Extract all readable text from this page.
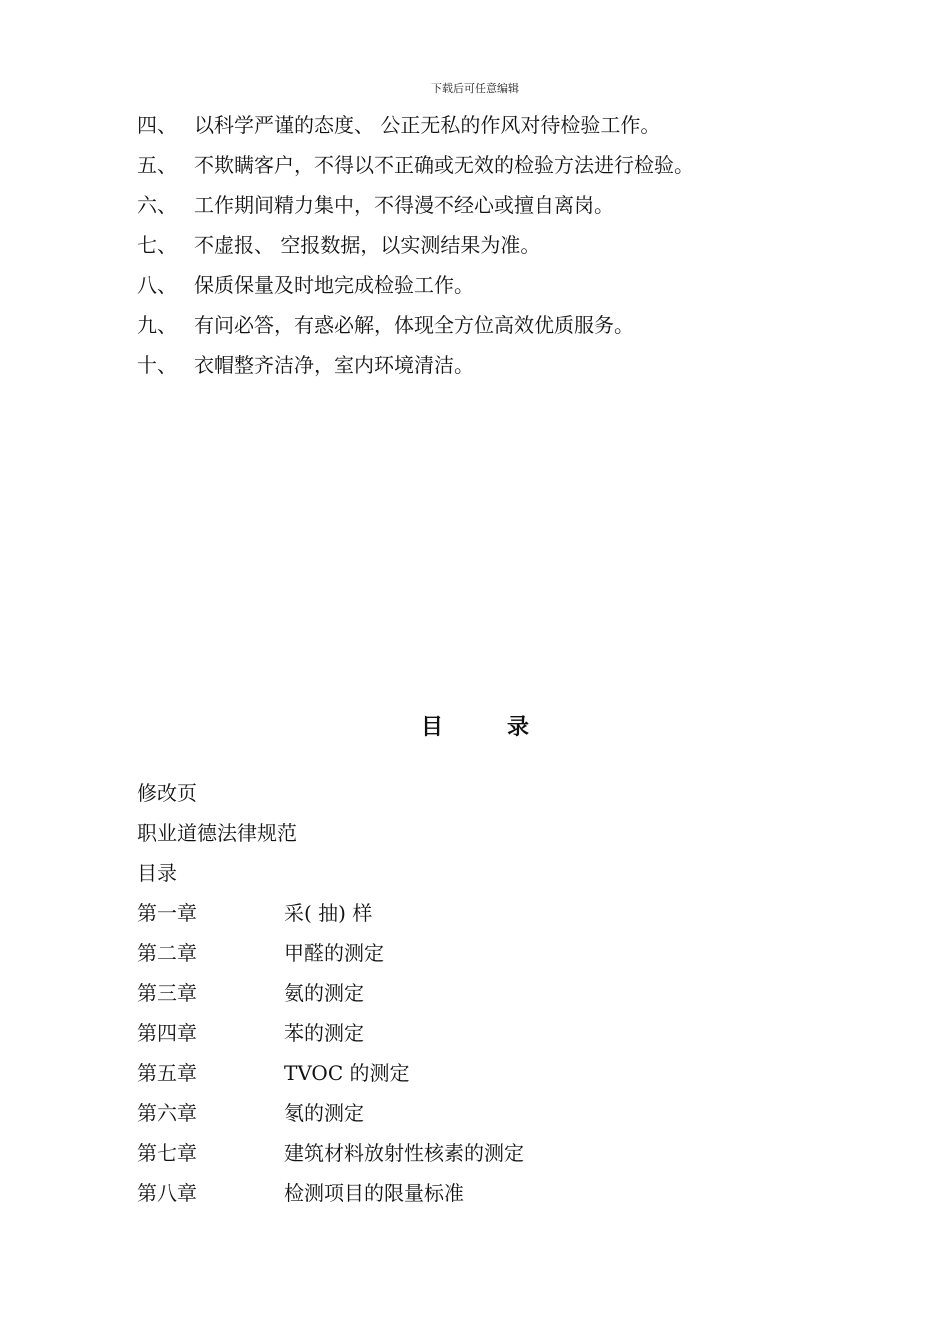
下载后可任意编辑
四、 以科学严谨的态度、 公正无私的作风对待检验工作。
五、 不欺瞒客户，不得以不正确或无效的检验方法进行检验。
六、 工作期间精力集中，不得漫不经心或擅自离岗。
七、 不虚报、 空报数据，以实测结果为准。
八、 保质保量及时地完成检验工作。
九、 有问必答，有惑必解，体现全方位高效优质服务。
十、 衣帽整齐洁净，室内环境清洁。
目录
修改页
职业道德法律规范
目录
第一章	采( 抽) 样
第二章	甲醛的测定
第三章	氨的测定
第四章	苯的测定
第五章	TVOC 的测定
第六章	氡的测定
第七章	建筑材料放射性核素的测定
第八章	检测项目的限量标准
